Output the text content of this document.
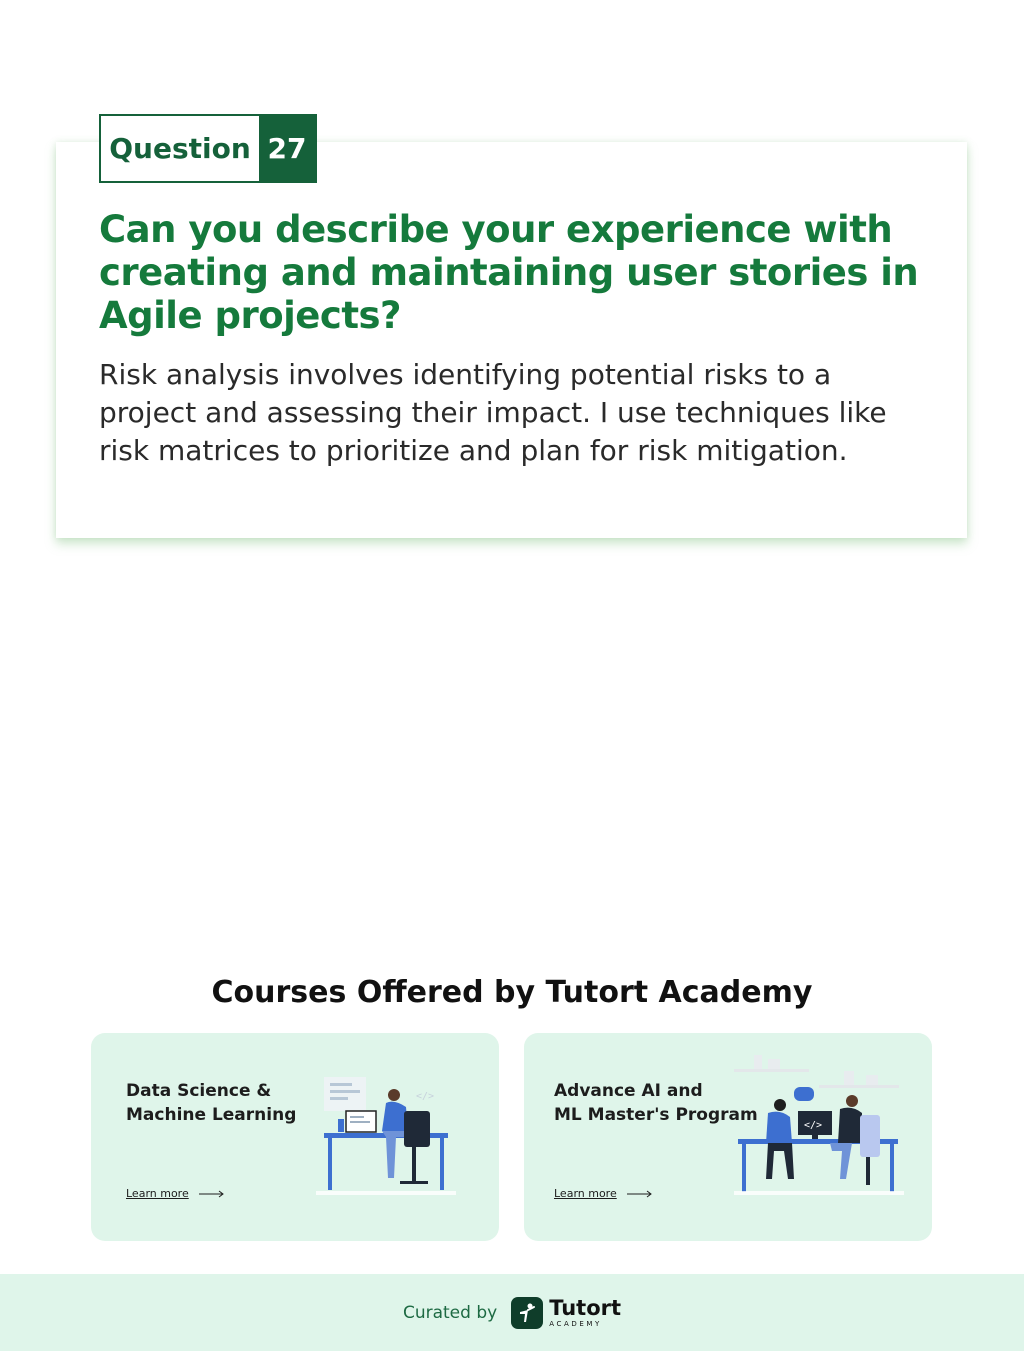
Question 27
Can you describe your experience with creating and maintaining user stories in Agile projects?
Risk analysis involves identifying potential risks to a project and assessing their impact. I use techniques like risk matrices to prioritize and plan for risk mitigation.
Courses Offered by Tutort Academy
Data Science &
Machine Learning
Learn more
</>	Advance AI and
ML Master's Program
Learn more
</>
Curated by Tutort
ACADEMY
